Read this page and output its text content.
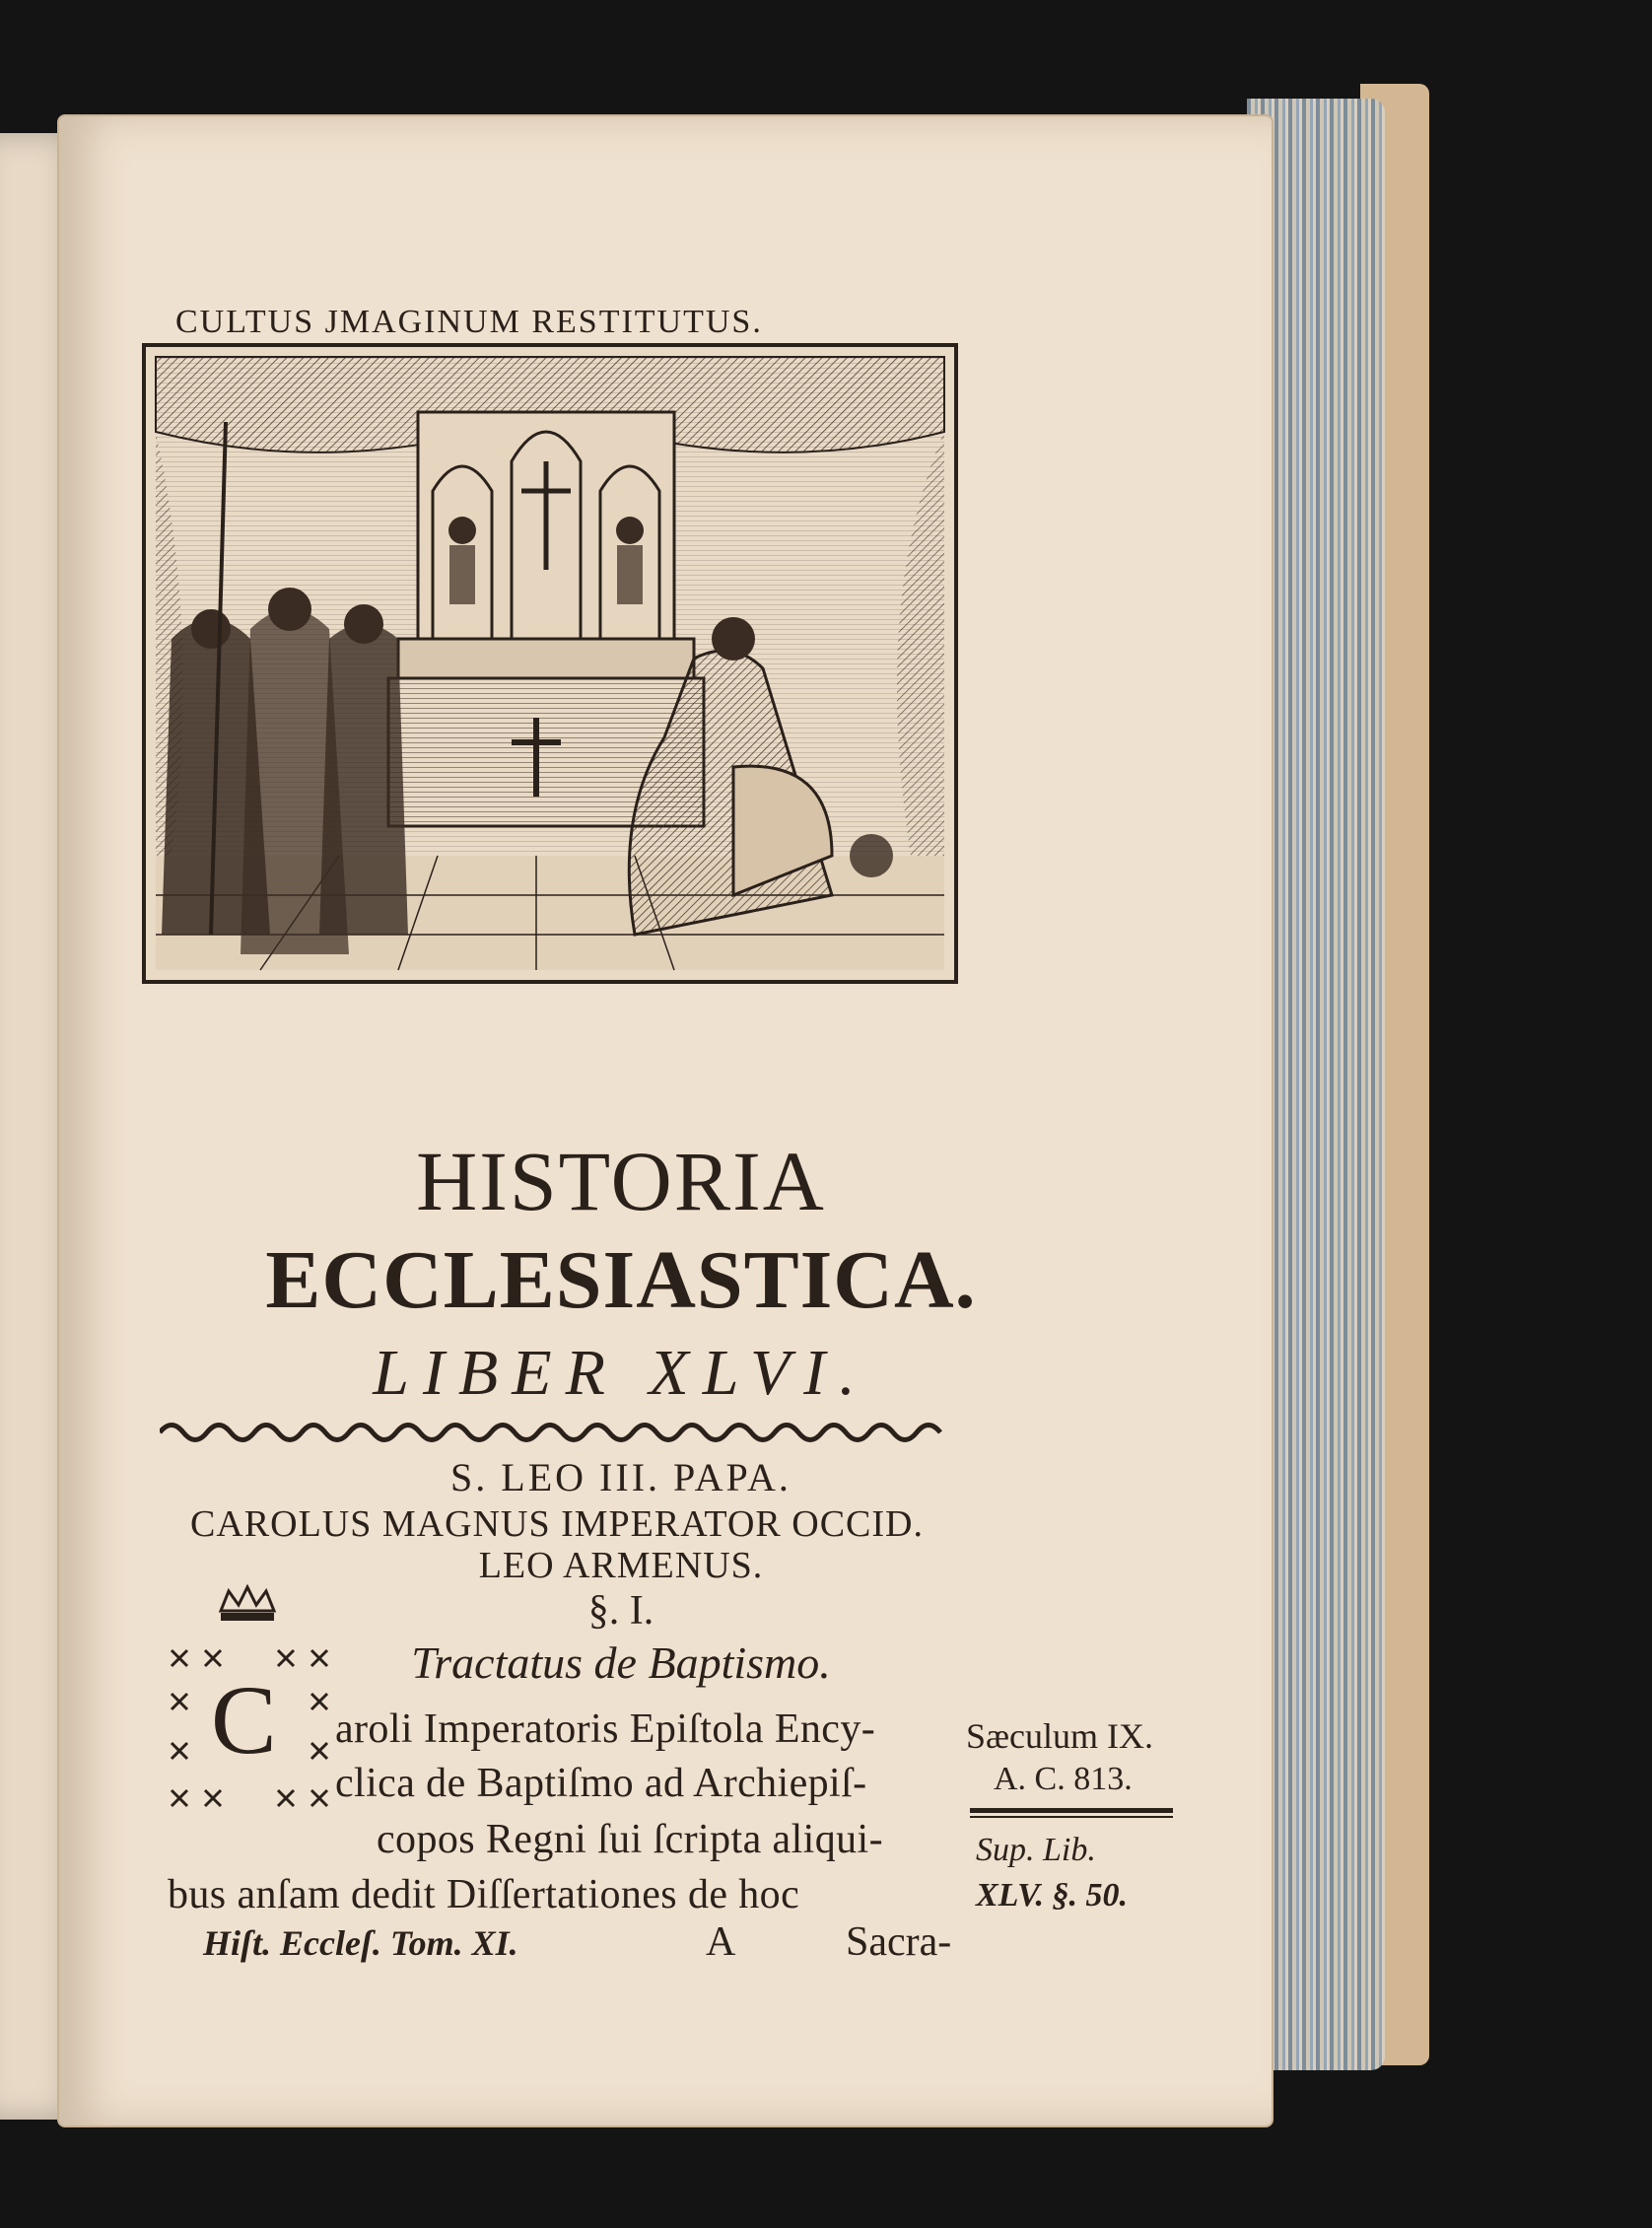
CULTUS JMAGINUM RESTITUTUS.
HISTORIA
ECCLESIASTICA.
LIBER XLVI.
S. LEO III. PAPA.
CAROLUS MAGNUS IMPERATOR OCCID.
LEO ARMENUS.
§. I.
Tractatus de Baptismo.
C aroli Imperatoris Epiſtola Ency-
clica de Baptiſmo ad Archiepiſ-
copos Regni ſui ſcripta aliqui-
bus anſam dedit Diſſertationes de hoc
Sæculum IX.
A. C. 813.
Sup. Lib.
XLV. §. 50.
Hiſt. Eccleſ. Tom. XI.	A	Sacra-
